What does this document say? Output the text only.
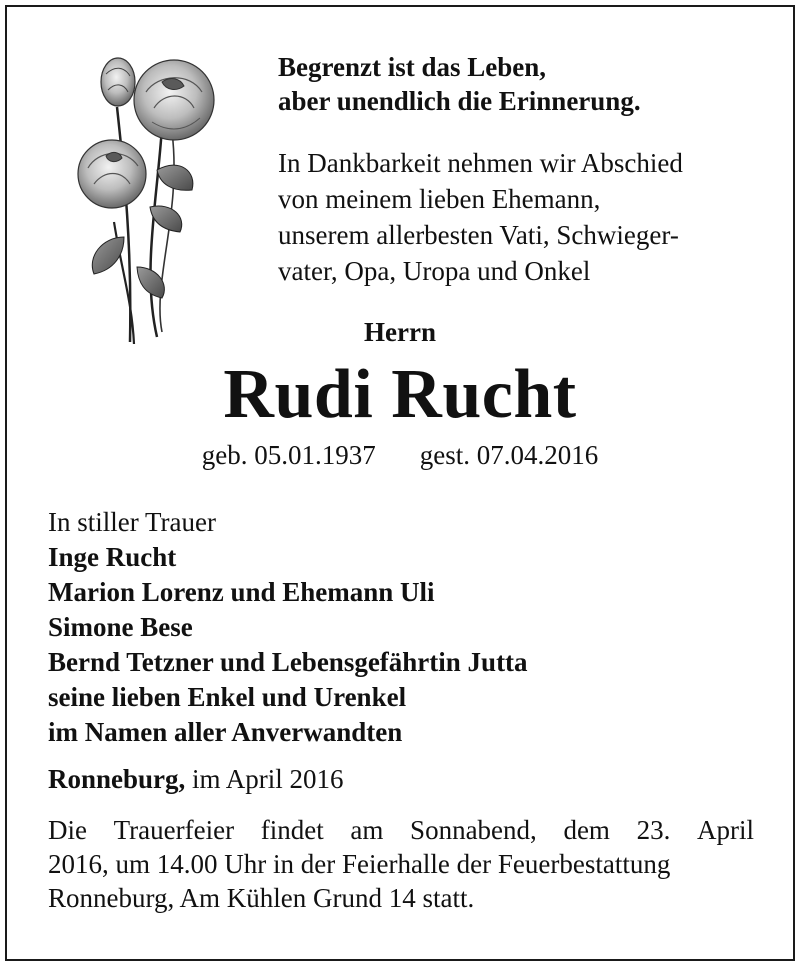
Begrenzt ist das Leben,
aber unendlich die Erinnerung.
In Dankbarkeit nehmen wir Abschied
von meinem lieben Ehemann,
unserem allerbesten Vati, Schwieger-
vater, Opa, Uropa und Onkel
Herrn
Rudi Rucht
geb. 05.01.1937 gest. 07.04.2016
In stiller Trauer
Inge Rucht
Marion Lorenz und Ehemann Uli
Simone Bese
Bernd Tetzner und Lebensgefährtin Jutta
seine lieben Enkel und Urenkel
im Namen aller Anverwandten
Ronneburg, im April 2016
Die Trauerfeier findet am Sonnabend, dem 23. April
2016, um 14.00 Uhr in der Feierhalle der Feuerbestattung
Ronneburg, Am Kühlen Grund 14 statt.
